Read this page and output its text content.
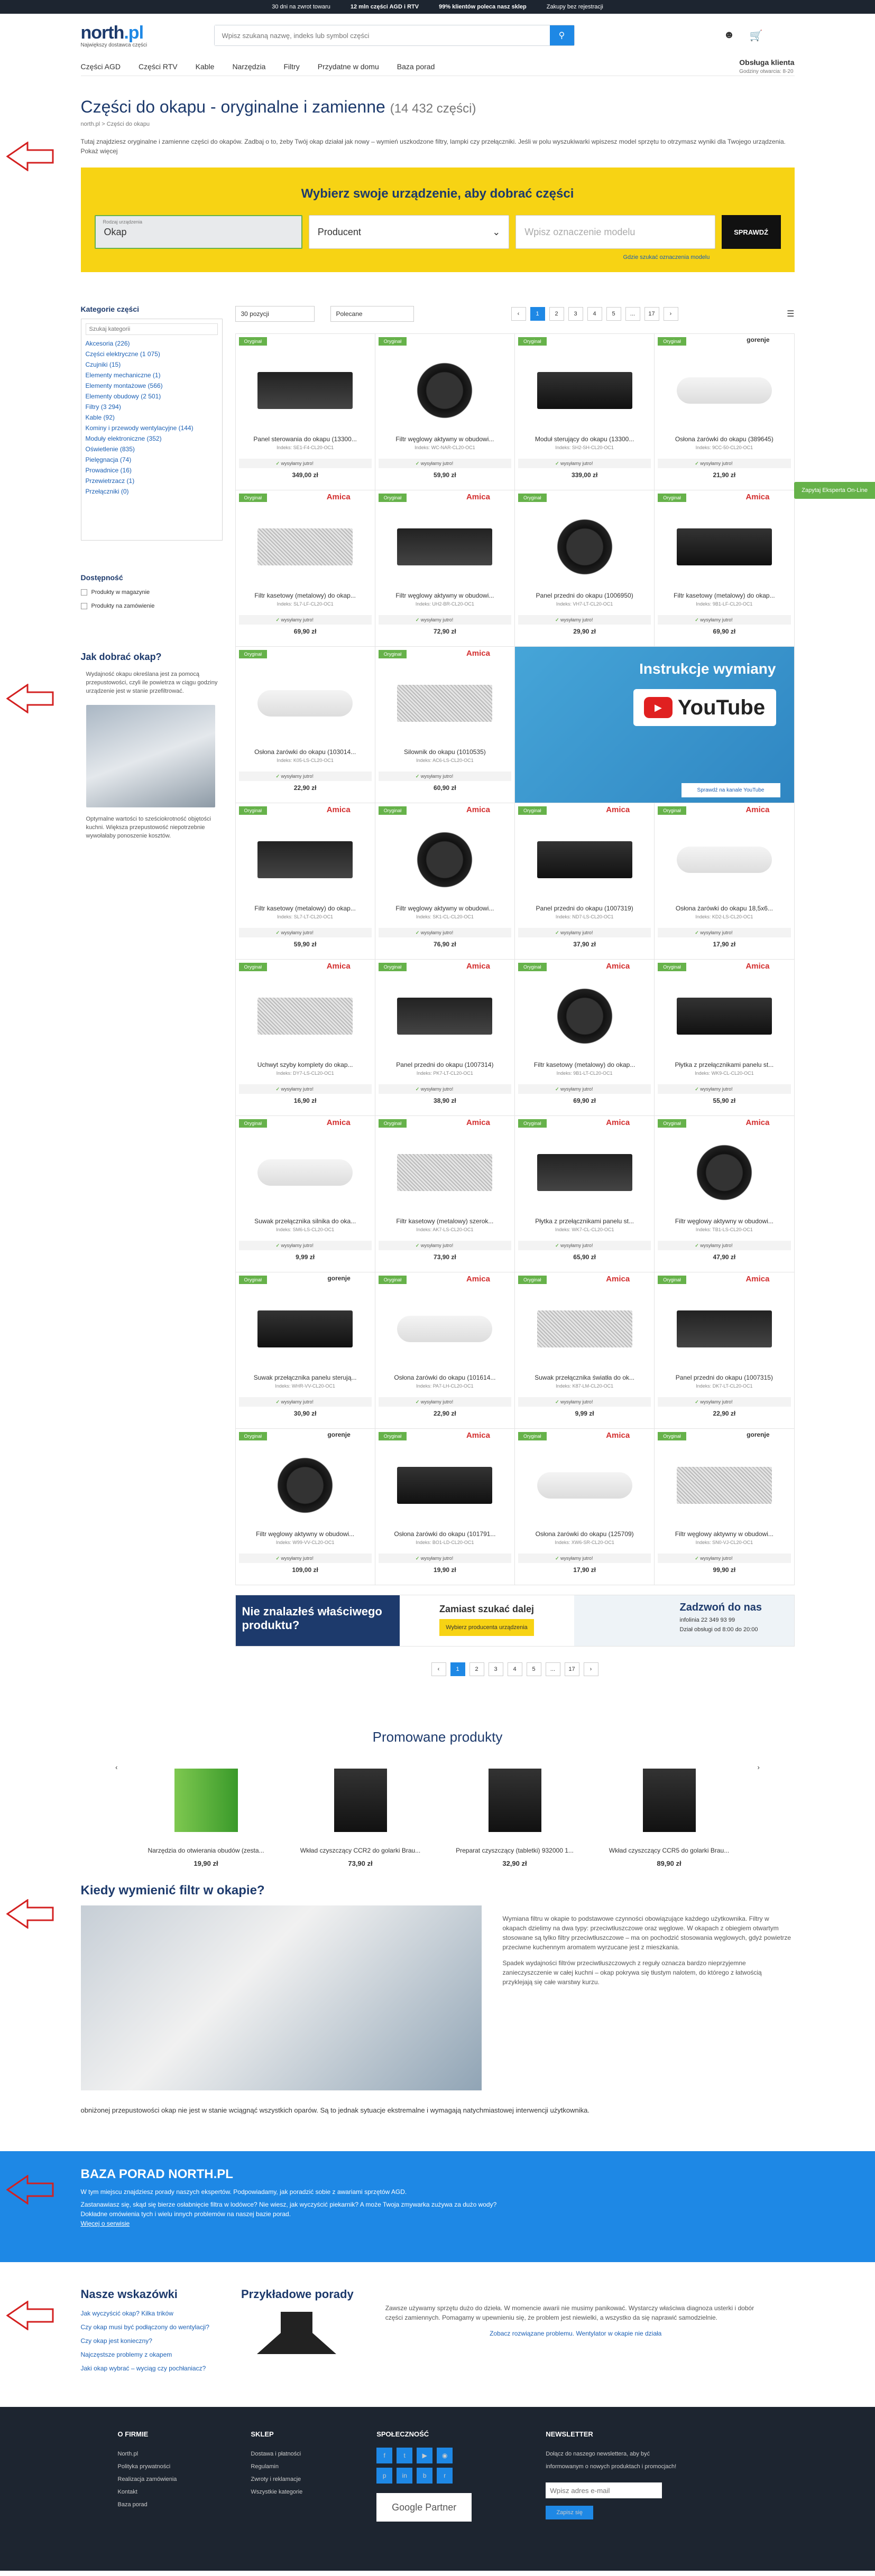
30 dni na zwrot towaru	12 mln części AGD i RTV	99% klientów poleca nasz sklep	Zakupy bez rejestracji
north.pl
Największy dostawca części
Wpisz szukaną nazwę, indeks lub symbol części
⚲	☻ 🛒
Części AGD Części RTV Kable Narzędzia Filtry Przydatne w domu Baza porad	Obsługa klienta
Godziny otwarcia: 8-20
Części do okapu - oryginalne i zamienne (14 432 części)
north.pl > Części do okapu
Tutaj znajdziesz oryginalne i zamienne części do okapów. Zadbaj o to, żeby Twój okap działał jak nowy – wymień uszkodzone filtry, lampki czy przełączniki. Jeśli w polu wyszukiwarki wpiszesz model sprzętu to otrzymasz wyniki dla Twojego urządzenia. Pokaż więcej
Wybierz swoje urządzenie, aby dobrać części
Rodzaj urządzenia
Okap	Producent	⌄	Wpisz oznaczenie modelu	SPRAWDŹ
Gdzie szukać oznaczenia modelu
Kategorie części
Szukaj kategorii
Akcesoria (226)
Części elektryczne (1 075)
Czujniki (15)
Elementy mechaniczne (1)
Elementy montażowe (566)
Elementy obudowy (2 501)
Filtry (3 294)
Kable (92)
Kominy i przewody wentylacyjne (144)
Moduły elektroniczne (352)
Oświetlenie (835)
Pielęgnacja (74)
Prowadnice (16)
Przewietrzacz (1)
Przełączniki (0)
Dostępność
Produkty w magazynie
Produkty na zamówienie
Jak dobrać okap?

Wydajność okapu określana jest za pomocą przepustowości, czyli ile powietrza w ciągu godziny urządzenie jest w stanie przefiltrować.

Optymalne wartości to sześciokrotność objętości kuchni. Większa przepustowość niepotrzebnie wywołałaby ponoszenie kosztów.

30 pozycji	Polecane	‹	1	2	3	4	5	...	17	›	☰
Oryginał
Panel sterowania do okapu (13300...
Indeks: SE1-F4-CL20-OC1
✓ wysyłamy jutro!
349,00 zł
Oryginał
Filtr węglowy aktywny w obudowi...
Indeks: WC-NAR-CL20-OC1
✓ wysyłamy jutro!
59,90 zł
Oryginał
Moduł sterujący do okapu (13300...
Indeks: SH2-SH-CL20-OC1
✓ wysyłamy jutro!
339,00 zł
Oryginał	gorenje
Osłona żarówki do okapu (389645)
Indeks: 9CC-50-CL20-OC1
✓ wysyłamy jutro!
21,90 zł
Oryginał	Amica
Filtr kasetowy (metalowy) do okap...
Indeks: SL7-LF-CL20-OC1
✓ wysyłamy jutro!
69,90 zł
Oryginał	Amica
Filtr węglowy aktywny w obudowi...
Indeks: UH2-BR-CL20-OC1
✓ wysyłamy jutro!
72,90 zł
Oryginał
Panel przedni do okapu (1006950)
Indeks: VH7-LT-CL20-OC1
✓ wysyłamy jutro!
29,90 zł
Oryginał	Amica
Filtr kasetowy (metalowy) do okap...
Indeks: 9B1-LF-CL20-OC1
✓ wysyłamy jutro!
69,90 zł
Oryginał
Osłona żarówki do okapu (103014...
Indeks: K05-LS-CL20-OC1
✓ wysyłamy jutro!
22,90 zł
Oryginał	Amica
Silownik do okapu (1010535)
Indeks: AC6-LS-CL20-OC1
✓ wysyłamy jutro!
60,90 zł
Instrukcje wymiany
▶ YouTube
Sprawdź na kanale YouTube
Oryginał	Amica
Filtr kasetowy (metalowy) do okap...
Indeks: SL7-LT-CL20-OC1
✓ wysyłamy jutro!
59,90 zł
Oryginał	Amica
Filtr węglowy aktywny w obudowi...
Indeks: SK1-CL-CL20-OC1
✓ wysyłamy jutro!
76,90 zł
Oryginał	Amica
Panel przedni do okapu (1007319)
Indeks: ND7-LS-CL20-OC1
✓ wysyłamy jutro!
37,90 zł
Oryginał	Amica
Osłona żarówki do okapu 18,5x6...
Indeks: KD2-LS-CL20-OC1
✓ wysyłamy jutro!
17,90 zł
Oryginał	Amica
Uchwyt szyby komplety do okap...
Indeks: DY7-LS-CL20-OC1
✓ wysyłamy jutro!
16,90 zł
Oryginał	Amica
Panel przedni do okapu (1007314)
Indeks: PK7-LT-CL20-OC1
✓ wysyłamy jutro!
38,90 zł
Oryginał	Amica
Filtr kasetowy (metalowy) do okap...
Indeks: 9B1-LT-CL20-OC1
✓ wysyłamy jutro!
69,90 zł
Oryginał	Amica
Płytka z przełącznikami panelu st...
Indeks: WK9-CL-CL20-OC1
✓ wysyłamy jutro!
55,90 zł
Oryginał	Amica
Suwak przełącznika silnika do oka...
Indeks: SM6-LS-CL20-OC1
✓ wysyłamy jutro!
9,99 zł
Oryginał	Amica
Filtr kasetowy (metalowy) szerok...
Indeks: AK7-LS-CL20-OC1
✓ wysyłamy jutro!
73,90 zł
Oryginał	Amica
Płytka z przełącznikami panelu st...
Indeks: WK7-CL-CL20-OC1
✓ wysyłamy jutro!
65,90 zł
Oryginał	Amica
Filtr węglowy aktywny w obudowi...
Indeks: TB1-LS-CL20-OC1
✓ wysyłamy jutro!
47,90 zł
Oryginał	gorenje
Suwak przełącznika panelu sterują...
Indeks: WHR-VV-CL20-OC1
✓ wysyłamy jutro!
30,90 zł
Oryginał	Amica
Osłona żarówki do okapu (101614...
Indeks: PA7-LH-CL20-OC1
✓ wysyłamy jutro!
22,90 zł
Oryginał	Amica
Suwak przełącznika światła do ok...
Indeks: K87-LM-CL20-OC1
✓ wysyłamy jutro!
9,99 zł
Oryginał	Amica
Panel przedni do okapu (1007315)
Indeks: DK7-LT-CL20-OC1
✓ wysyłamy jutro!
22,90 zł
Oryginał	gorenje
Filtr węglowy aktywny w obudowi...
Indeks: W99-VV-CL20-OC1
✓ wysyłamy jutro!
109,00 zł
Oryginał	Amica
Osłona żarówki do okapu (101791...
Indeks: BO1-LD-CL20-OC1
✓ wysyłamy jutro!
19,90 zł
Oryginał	Amica
Osłona żarówki do okapu (125709)
Indeks: XW6-SR-CL20-OC1
✓ wysyłamy jutro!
17,90 zł
Oryginał	gorenje
Filtr węglowy aktywny w obudowi...
Indeks: SN0-VJ-CL20-OC1
✓ wysyłamy jutro!
99,90 zł
Nie znalazłeś właściwego produktu?
Zamiast szukać dalej
Wybierz producenta urządzenia
Zadzwoń do nas
infolinia 22 349 93 99
Dział obsługi od 8:00 do 20:00
‹	1	2	3	4	5	...	17	›
Promowane produkty
‹
Narzędzia do otwierania obudów (zesta...
19,90 zł
Wkład czyszczący CCR2 do golarki Brau...
73,90 zł
Preparat czyszczący (tabletki) 932000 1...
32,90 zł
Wkład czyszczący CCR5 do golarki Brau...
89,90 zł
›
Kiedy wymienić filtr w okapie?

Wymiana filtru w okapie to podstawowe czynności obowiązujące każdego użytkownika. Filtry w okapach dzielimy na dwa typy: przeciwtłuszczowe oraz węglowe. W okapach z obiegiem otwartym stosowane są tylko filtry przeciwtłuszczowe – ma on pochodzić stosowania węglowych, gdyż powietrze przeciwne kuchennym aromatem wyrzucane jest z mieszkania.

Spadek wydajności filtrów przeciwtłuszczowych z reguły oznacza bardzo nieprzyjemne zanieczyszczenie w całej kuchni – okap pokrywa się tłustym nalotem, do którego z łatwością przyklejają się całe warstwy kurzu.

obniżonej przepustowości okap nie jest w stanie wciągnąć wszystkich oparów. Są to jednak sytuacje ekstremalne i wymagają natychmiastowej interwencji użytkownika.
BAZA PORAD NORTH.PL

W tym miejscu znajdziesz porady naszych ekspertów. Podpowiadamy, jak poradzić sobie z awariami sprzętów AGD.

Zastanawiasz się, skąd się bierze osłabnięcie filtra w lodówce? Nie wiesz, jak wyczyścić piekarnik? A może Twoja zmywarka zużywa za dużo wody?

Dokładne omówienia tych i wielu innych problemów na naszej bazie porad.

Więcej o serwisie

Nasze wskazówki
Jak wyczyścić okap? Kilka trików
Czy okap musi być podłączony do wentylacji?
Czy okap jest konieczny?
Najczęstsze problemy z okapem
Jaki okap wybrać – wyciąg czy pochłaniacz?
Przykładowe porady

Zawsze używamy sprzętu dużo do dzieła. W momencie awarii nie musimy panikować. Wystarczy właściwa diagnoza usterki i dobór części zamiennych. Pomagamy w upewnieniu się, że problem jest niewielki, a wszystko da się naprawić samodzielnie.

Zobacz rozwiązane problemu. Wentylator w okapie nie działa

O FIRMIE
North.pl
Polityka prywatności
Realizacja zamówienia
Kontakt
Baza porad
SKLEP
Dostawa i płatności
Regulamin
Zwroty i reklamacje
Wszystkie kategorie
SPOŁECZNOŚĆ
f	t	▶	◉
p	in	b	r
Google Partner
NEWSLETTER
Dołącz do naszego newslettera, aby być informowanym o nowych produktach i promocjach!
Wpisz adres e-mail
Zapisz się
Zapytaj Eksperta On-Line
